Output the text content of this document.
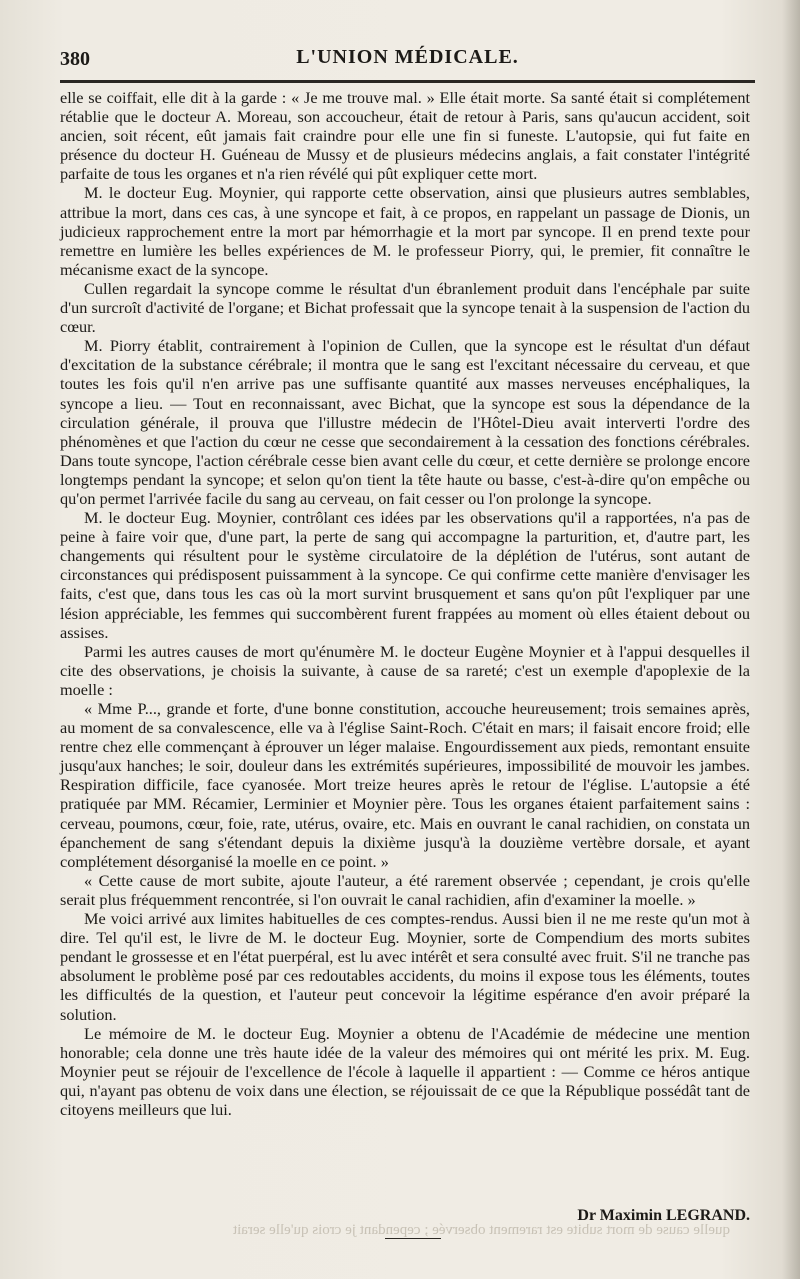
380	L'UNION MÉDICALE.

elle se coiffait, elle dit à la garde : « Je me trouve mal. » Elle était morte. Sa santé était si complétement rétablie que le docteur A. Moreau, son accoucheur, était de retour à Paris, sans qu'aucun accident, soit ancien, soit récent, eût jamais fait craindre pour elle une fin si funeste. L'autopsie, qui fut faite en présence du docteur H. Guéneau de Mussy et de plusieurs médecins anglais, a fait constater l'intégrité parfaite de tous les organes et n'a rien révélé qui pût expliquer cette mort.

M. le docteur Eug. Moynier, qui rapporte cette observation, ainsi que plusieurs autres semblables, attribue la mort, dans ces cas, à une syncope et fait, à ce propos, en rappelant un passage de Dionis, un judicieux rapprochement entre la mort par hémorrhagie et la mort par syncope. Il en prend texte pour remettre en lumière les belles expériences de M. le professeur Piorry, qui, le premier, fit connaître le mécanisme exact de la syncope.

Cullen regardait la syncope comme le résultat d'un ébranlement produit dans l'encéphale par suite d'un surcroît d'activité de l'organe; et Bichat professait que la syncope tenait à la suspension de l'action du cœur.

M. Piorry établit, contrairement à l'opinion de Cullen, que la syncope est le résultat d'un défaut d'excitation de la substance cérébrale; il montra que le sang est l'excitant nécessaire du cerveau, et que toutes les fois qu'il n'en arrive pas une suffisante quantité aux masses nerveuses encéphaliques, la syncope a lieu. — Tout en reconnaissant, avec Bichat, que la syncope est sous la dépendance de la circulation générale, il prouva que l'illustre médecin de l'Hôtel-Dieu avait interverti l'ordre des phénomènes et que l'action du cœur ne cesse que secondairement à la cessation des fonctions cérébrales. Dans toute syncope, l'action cérébrale cesse bien avant celle du cœur, et cette dernière se prolonge encore longtemps pendant la syncope; et selon qu'on tient la tête haute ou basse, c'est-à-dire qu'on empêche ou qu'on permet l'arrivée facile du sang au cerveau, on fait cesser ou l'on prolonge la syncope.

M. le docteur Eug. Moynier, contrôlant ces idées par les observations qu'il a rapportées, n'a pas de peine à faire voir que, d'une part, la perte de sang qui accompagne la parturition, et, d'autre part, les changements qui résultent pour le système circulatoire de la déplétion de l'utérus, sont autant de circonstances qui prédisposent puissamment à la syncope. Ce qui confirme cette manière d'envisager les faits, c'est que, dans tous les cas où la mort survint brusquement et sans qu'on pût l'expliquer par une lésion appréciable, les femmes qui succombèrent furent frappées au moment où elles étaient debout ou assises.

Parmi les autres causes de mort qu'énumère M. le docteur Eugène Moynier et à l'appui desquelles il cite des observations, je choisis la suivante, à cause de sa rareté; c'est un exemple d'apoplexie de la moelle :

« Mme P..., grande et forte, d'une bonne constitution, accouche heureusement; trois semaines après, au moment de sa convalescence, elle va à l'église Saint-Roch. C'était en mars; il faisait encore froid; elle rentre chez elle commençant à éprouver un léger malaise. Engourdissement aux pieds, remontant ensuite jusqu'aux hanches; le soir, douleur dans les extrémités supérieures, impossibilité de mouvoir les jambes. Respiration difficile, face cyanosée. Mort treize heures après le retour de l'église. L'autopsie a été pratiquée par MM. Récamier, Lerminier et Moynier père. Tous les organes étaient parfaitement sains : cerveau, poumons, cœur, foie, rate, utérus, ovaire, etc. Mais en ouvrant le canal rachidien, on constata un épanchement de sang s'étendant depuis la dixième jusqu'à la douzième vertèbre dorsale, et ayant complétement désorganisé la moelle en ce point. »

« Cette cause de mort subite, ajoute l'auteur, a été rarement observée ; cependant, je crois qu'elle serait plus fréquemment rencontrée, si l'on ouvrait le canal rachidien, afin d'examiner la moelle. »

Me voici arrivé aux limites habituelles de ces comptes-rendus. Aussi bien il ne me reste qu'un mot à dire. Tel qu'il est, le livre de M. le docteur Eug. Moynier, sorte de Compendium des morts subites pendant le grossesse et en l'état puerpéral, est lu avec intérêt et sera consulté avec fruit. S'il ne tranche pas absolument le problème posé par ces redoutables accidents, du moins il expose tous les éléments, toutes les difficultés de la question, et l'auteur peut concevoir la légitime espérance d'en avoir préparé la solution.

Le mémoire de M. le docteur Eug. Moynier a obtenu de l'Académie de médecine une mention honorable; cela donne une très haute idée de la valeur des mémoires qui ont mérité les prix. M. Eug. Moynier peut se réjouir de l'excellence de l'école à laquelle il appartient : — Comme ce héros antique qui, n'ayant pas obtenu de voix dans une élection, se réjouissait de ce que la République possédât tant de citoyens meilleurs que lui.

Dr Maximin LEGRAND.
quelle cause de mort subite est rarement observée ; cependant je crois qu'elle serait
